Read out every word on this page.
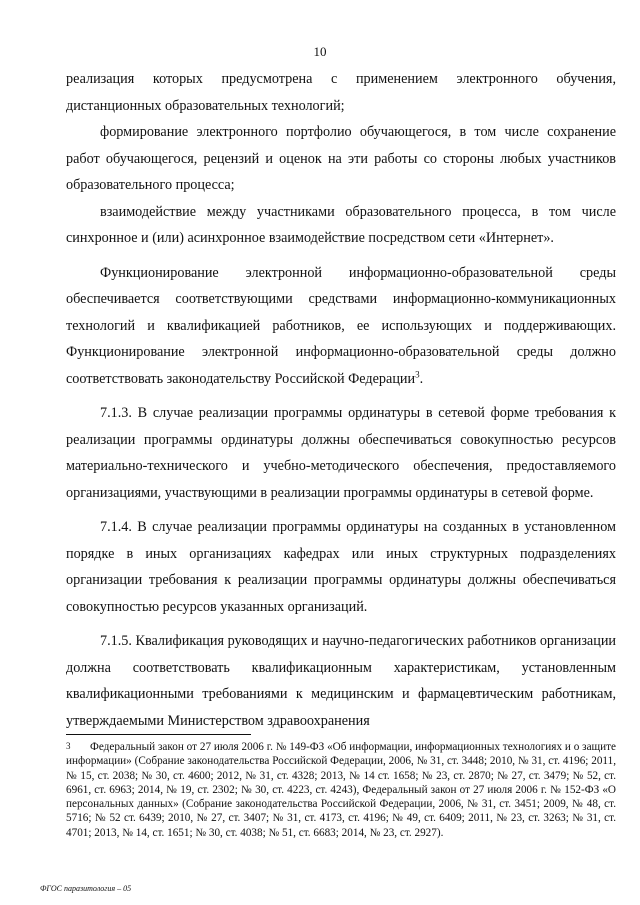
10

реализация которых предусмотрена с применением электронного обучения, дистанционных образовательных технологий;

формирование электронного портфолио обучающегося, в том числе сохранение работ обучающегося, рецензий и оценок на эти работы со стороны любых участников образовательного процесса;

взаимодействие между участниками образовательного процесса, в том числе синхронное и (или) асинхронное взаимодействие посредством сети «Интернет».

Функционирование электронной информационно-образовательной среды обеспечивается соответствующими средствами информационно-коммуникационных технологий и квалификацией работников, ее использующих и поддерживающих. Функционирование электронной информационно-образовательной среды должно соответствовать законодательству Российской Федерации$^3$.

7.1.3. В случае реализации программы ординатуры в сетевой форме требования к реализации программы ординатуры должны обеспечиваться совокупностью ресурсов материально-технического и учебно-методического обеспечения, предоставляемого организациями, участвующими в реализации программы ординатуры в сетевой форме.

7.1.4. В случае реализации программы ординатуры на созданных в установленном порядке в иных организациях кафедрах или иных структурных подразделениях организации требования к реализации программы ординатуры должны обеспечиваться совокупностью ресурсов указанных организаций.

7.1.5. Квалификация руководящих и научно-педагогических работников организации должна соответствовать квалификационным характеристикам, установленным квалификационными требованиями к медицинским и фармацевтическим работникам, утверждаемыми Министерством здравоохранения

3 Федеральный закон от 27 июля 2006 г. № 149-ФЗ «Об информации, информационных технологиях и о защите информации» (Собрание законодательства Российской Федерации, 2006, № 31, ст. 3448; 2010, № 31, ст. 4196; 2011, № 15, ст. 2038; № 30, ст. 4600; 2012, № 31, ст. 4328; 2013, № 14 ст. 1658; № 23, ст. 2870; № 27, ст. 3479; № 52, ст. 6961, ст. 6963; 2014, № 19, ст. 2302; № 30, ст. 4223, ст. 4243), Федеральный закон от 27 июля 2006 г. № 152-ФЗ «О персональных данных» (Собрание законодательства Российской Федерации, 2006, № 31, ст. 3451; 2009, № 48, ст. 5716; № 52 ст. 6439; 2010, № 27, ст. 3407; № 31, ст. 4173, ст. 4196; № 49, ст. 6409; 2011, № 23, ст. 3263; № 31, ст. 4701; 2013, № 14, ст. 1651; № 30, ст. 4038; № 51, ст. 6683; 2014, № 23, ст. 2927).
ФГОС паразитология – 05
